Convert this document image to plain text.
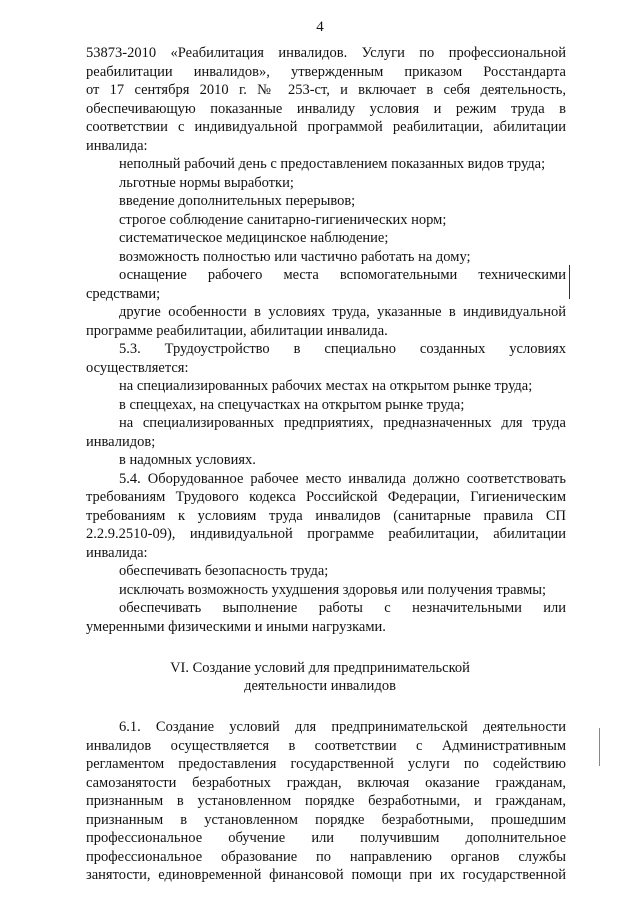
4
53873-2010 «Реабилитация инвалидов. Услуги по профессиональной
реабилитации инвалидов», утвержденным приказом Росстандарта
от 17 сентября 2010 г. № 253-ст, и включает в себя деятельность,
обеспечивающую показанные инвалиду условия и режим труда в
соответствии с индивидуальной программой реабилитации, абилитации
инвалида:
неполный рабочий день с предоставлением показанных видов труда;
льготные нормы выработки;
введение дополнительных перерывов;
строгое соблюдение санитарно-гигиенических норм;
систематическое медицинское наблюдение;
возможность полностью или частично работать на дому;
оснащение рабочего места вспомогательными техническими
средствами;
другие особенности в условиях труда, указанные в индивидуальной
программе реабилитации, абилитации инвалида.
5.3. Трудоустройство в специально созданных условиях
осуществляется:
на специализированных рабочих местах на открытом рынке труда;
в спеццехах, на спецучастках на открытом рынке труда;
на специализированных предприятиях, предназначенных для труда
инвалидов;
в надомных условиях.
5.4. Оборудованное рабочее место инвалида должно соответствовать
требованиям Трудового кодекса Российской Федерации, Гигиеническим
требованиям к условиям труда инвалидов (санитарные правила СП
2.2.9.2510-09), индивидуальной программе реабилитации, абилитации
инвалида:
обеспечивать безопасность труда;
исключать возможность ухудшения здоровья или получения травмы;
обеспечивать выполнение работы с незначительными или
умеренными физическими и иными нагрузками.
VI. Создание условий для предпринимательской
деятельности инвалидов
6.1. Создание условий для предпринимательской деятельности
инвалидов осуществляется в соответствии с Административным
регламентом предоставления государственной услуги по содействию
самозанятости безработных граждан, включая оказание гражданам,
признанным в установленном порядке безработными, и гражданам,
признанным в установленном порядке безработными, прошедшим
профессиональное обучение или получившим дополнительное
профессиональное образование по направлению органов службы
занятости, единовременной финансовой помощи при их государственной
